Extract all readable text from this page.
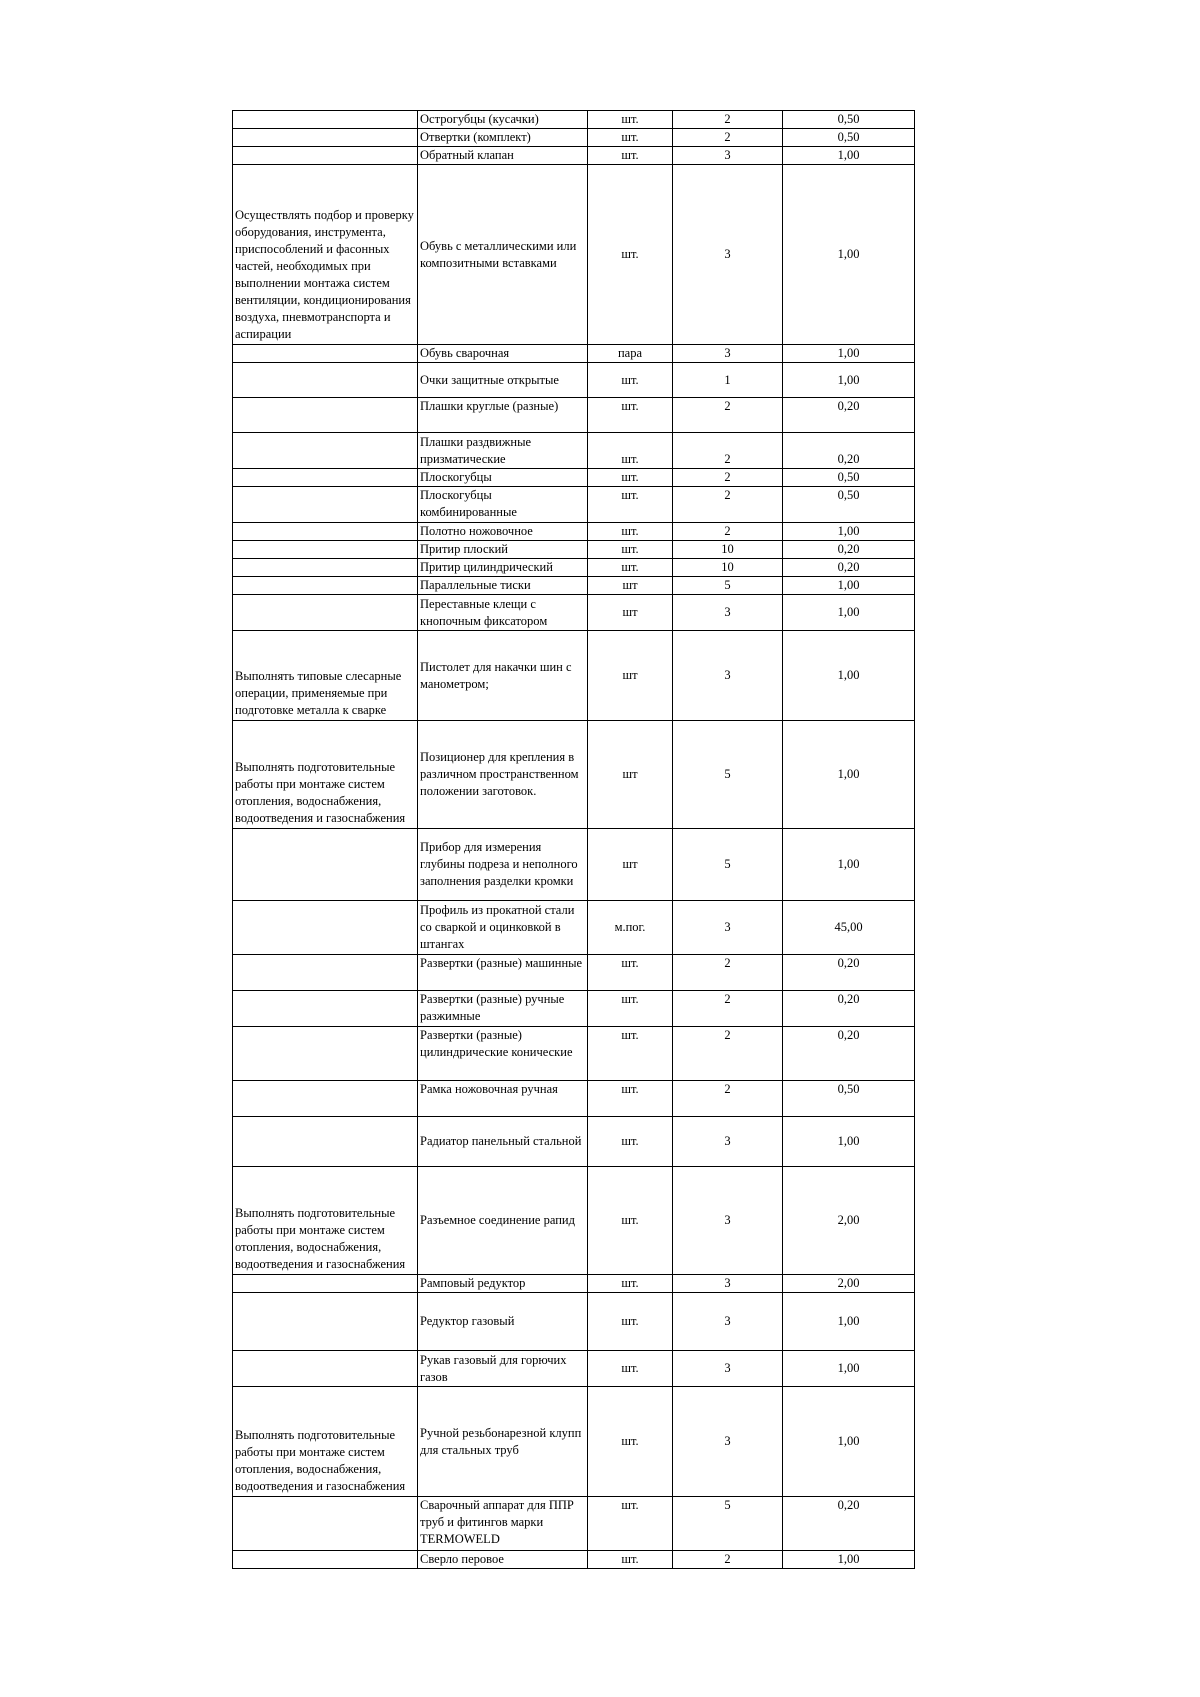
	Острогубцы (кусачки)	шт.	2	0,50
	Отвертки (комплект)	шт.	2	0,50
	Обратный клапан	шт.	3	1,00
Осуществлять подбор и проверку оборудования, инструмента, приспособлений и фасонных частей, необходимых при выполнении монтажа систем вентиляции, кондиционирования воздуха, пневмотранспорта и аспирации	Обувь с металлическими или композитными вставками	шт.	3	1,00
	Обувь сварочная	пара	3	1,00
	Очки защитные открытые	шт.	1	1,00
	Плашки круглые (разные)	шт.	2	0,20
	Плашки раздвижные призматические	шт.	2	0,20
	Плоскогубцы	шт.	2	0,50
	Плоскогубцы комбинированные	шт.	2	0,50
	Полотно ножовочное	шт.	2	1,00
	Притир плоский	шт.	10	0,20
	Притир цилиндрический	шт.	10	0,20
	Параллельные тиски	шт	5	1,00
	Переставные клещи с кнопочным фиксатором	шт	3	1,00
Выполнять типовые слесарные операции, применяемые при подготовке металла к сварке	Пистолет для накачки шин с манометром;	шт	3	1,00
Выполнять подготовительные работы при монтаже систем отопления, водоснабжения, водоотведения и газоснабжения	Позиционер для крепления в различном пространственном положении заготовок.	шт	5	1,00
	Прибор для измерения глубины подреза и неполного заполнения разделки кромки	шт	5	1,00
	Профиль из прокатной стали со сваркой и оцинковкой в штангах	м.пог.	3	45,00
	Развертки (разные) машинные	шт.	2	0,20
	Развертки (разные) ручные разжимные	шт.	2	0,20
	Развертки (разные) цилиндрические конические	шт.	2	0,20
	Рамка ножовочная ручная	шт.	2	0,50
	Радиатор панельный стальной	шт.	3	1,00
Выполнять подготовительные работы при монтаже систем отопления, водоснабжения, водоотведения и газоснабжения	Разъемное соединение рапид	шт.	3	2,00
	Рамповый редуктор	шт.	3	2,00
	Редуктор газовый	шт.	3	1,00
	Рукав газовый для горючих газов	шт.	3	1,00
Выполнять подготовительные работы при монтаже систем отопления, водоснабжения, водоотведения и газоснабжения	Ручной резьбонарезной клупп для стальных труб	шт.	3	1,00
	Сварочный аппарат для ППР труб и фитингов марки TERMOWELD	шт.	5	0,20
	Сверло перовое	шт.	2	1,00
